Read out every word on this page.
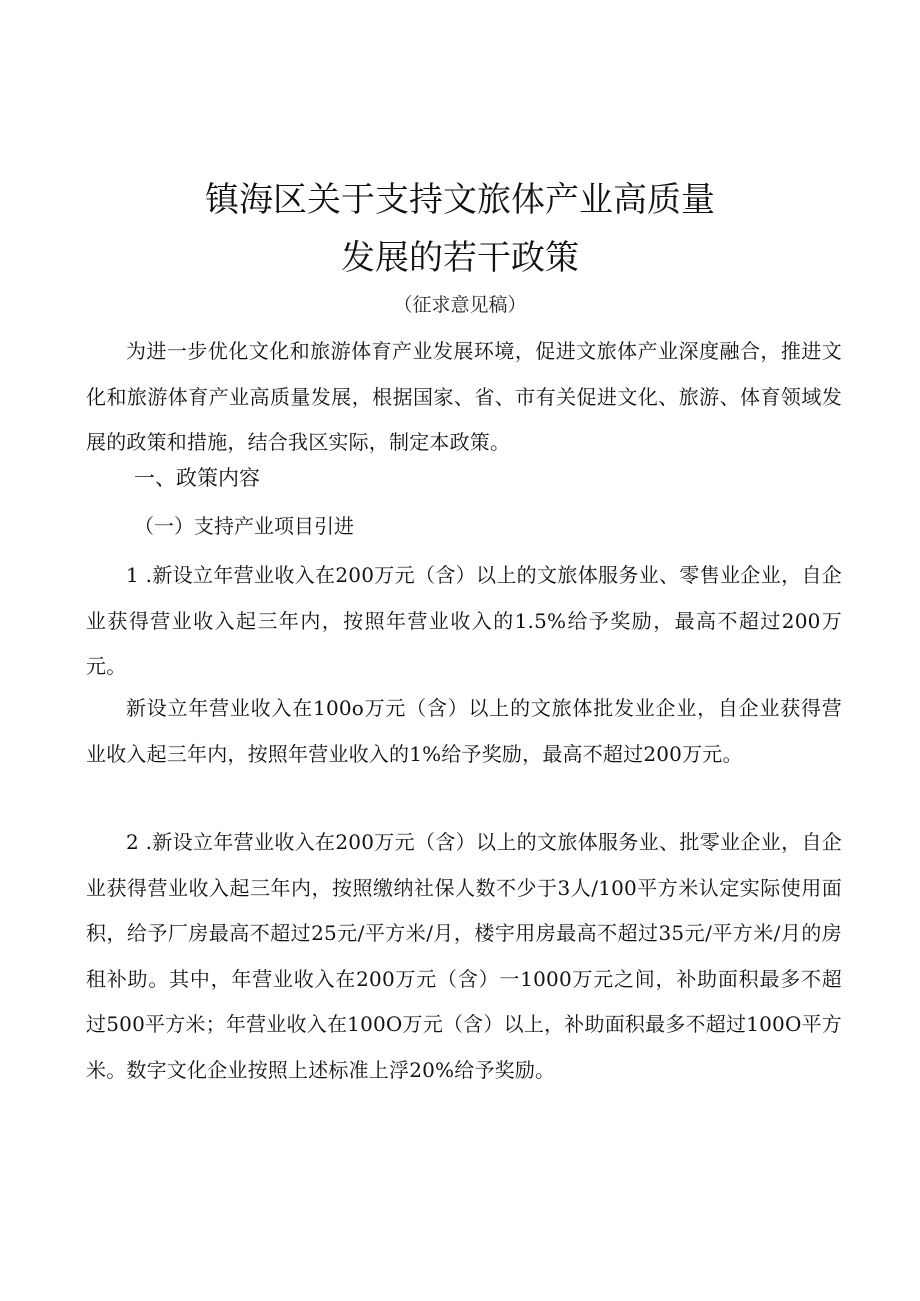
镇海区关于支持文旅体产业高质量
发展的若干政策
（征求意见稿）

为进一步优化文化和旅游体育产业发展环境，促进文旅体产业深度融合，推进文化和旅游体育产业高质量发展，根据国家、省、市有关促进文化、旅游、体育领域发展的政策和措施，结合我区实际，制定本政策。

一、政策内容
（一）支持产业项目引进

1 .新设立年营业收入在200万元（含）以上的文旅体服务业、零售业企业，自企业获得营业收入起三年内，按照年营业收入的1.5%给予奖励，最高不超过200万元。

新设立年营业收入在100o万元（含）以上的文旅体批发业企业，自企业获得营业收入起三年内，按照年营业收入的1%给予奖励，最高不超过200万元。

2 .新设立年营业收入在200万元（含）以上的文旅体服务业、批零业企业，自企业获得营业收入起三年内，按照缴纳社保人数不少于3人/100平方米认定实际使用面积，给予厂房最高不超过25元/平方米/月，楼宇用房最高不超过35元/平方米/月的房租补助。其中，年营业收入在200万元（含）一1000万元之间，补助面积最多不超过500平方米；年营业收入在100O万元（含）以上，补助面积最多不超过100O平方米。数字文化企业按照上述标准上浮20%给予奖励。
